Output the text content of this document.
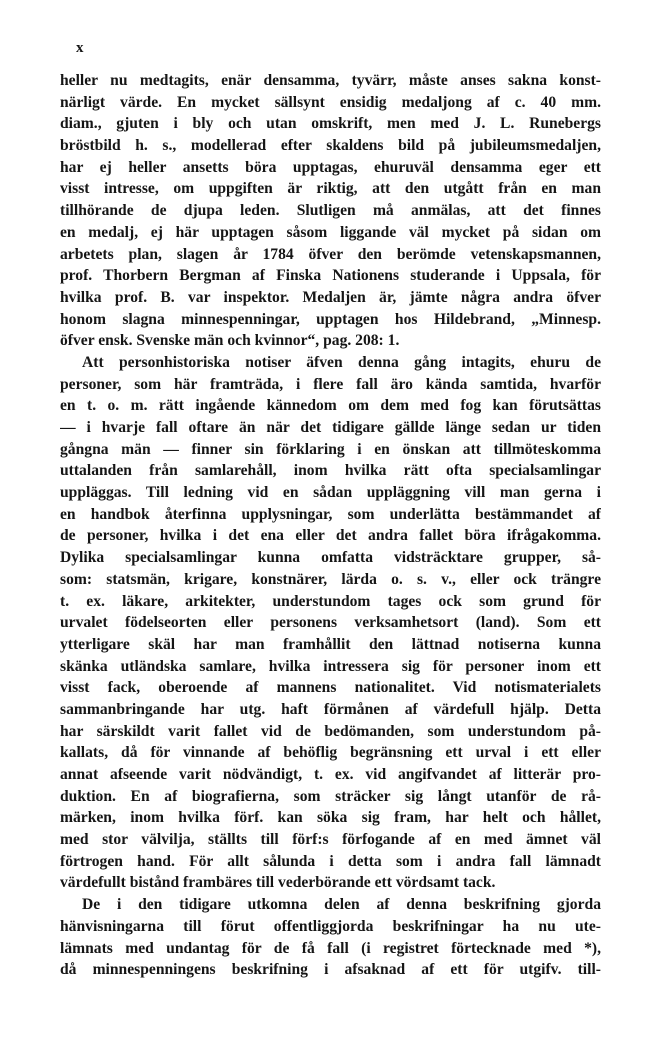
x
heller nu medtagits, enär densamma, tyvärr, måste anses sakna konst-
närligt värde. En mycket sällsynt ensidig medaljong af c. 40 mm.
diam., gjuten i bly och utan omskrift, men med J. L. Runebergs
bröstbild h. s., modellerad efter skaldens bild på jubileumsmedaljen,
har ej heller ansetts böra upptagas, ehuruväl densamma eger ett
visst intresse, om uppgiften är riktig, att den utgått från en man
tillhörande de djupa leden. Slutligen må anmälas, att det finnes
en medalj, ej här upptagen såsom liggande väl mycket på sidan om
arbetets plan, slagen år 1784 öfver den berömde vetenskapsmannen,
prof. Thorbern Bergman af Finska Nationens studerande i Uppsala, för
hvilka prof. B. var inspektor. Medaljen är, jämte några andra öfver
honom slagna minnespenningar, upptagen hos Hildebrand, „Minnesp.
öfver ensk. Svenske män och kvinnor“, pag. 208: 1.
Att personhistoriska notiser äfven denna gång intagits, ehuru de
personer, som här framträda, i flere fall äro kända samtida, hvarför
en t. o. m. rätt ingående kännedom om dem med fog kan förutsättas
— i hvarje fall oftare än när det tidigare gällde länge sedan ur tiden
gångna män — finner sin förklaring i en önskan att tillmöteskomma
uttalanden från samlarehåll, inom hvilka rätt ofta specialsamlingar
uppläggas. Till ledning vid en sådan uppläggning vill man gerna i
en handbok återfinna upplysningar, som underlätta bestämmandet af
de personer, hvilka i det ena eller det andra fallet böra ifrågakomma.
Dylika specialsamlingar kunna omfatta vidsträcktare grupper, så-
som: statsmän, krigare, konstnärer, lärda o. s. v., eller ock trängre
t. ex. läkare, arkitekter, understundom tages ock som grund för
urvalet födelseorten eller personens verksamhetsort (land). Som ett
ytterligare skäl har man framhållit den lättnad notiserna kunna
skänka utländska samlare, hvilka intressera sig för personer inom ett
visst fack, oberoende af mannens nationalitet. Vid notismaterialets
sammanbringande har utg. haft förmånen af värdefull hjälp. Detta
har särskildt varit fallet vid de bedömanden, som understundom på-
kallats, då för vinnande af behöflig begränsning ett urval i ett eller
annat afseende varit nödvändigt, t. ex. vid angifvandet af litterär pro-
duktion. En af biografierna, som sträcker sig långt utanför de rå-
märken, inom hvilka förf. kan söka sig fram, har helt och hållet,
med stor välvilja, ställts till förf:s förfogande af en med ämnet väl
förtrogen hand. För allt sålunda i detta som i andra fall lämnadt
värdefullt bistånd frambäres till vederbörande ett vördsamt tack.
De i den tidigare utkomna delen af denna beskrifning gjorda
hänvisningarna till förut offentliggjorda beskrifningar ha nu ute-
lämnats med undantag för de få fall (i registret förtecknade med *),
då minnespenningens beskrifning i afsaknad af ett för utgifv. till-
